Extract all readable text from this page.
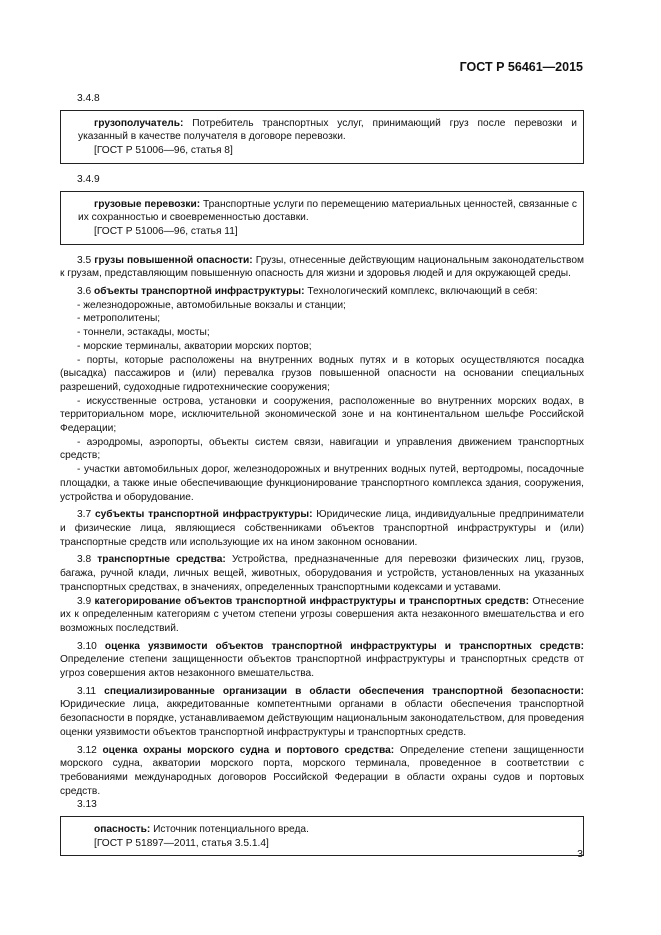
ГОСТ Р 56461—2015

3.4.8

грузополучатель: Потребитель транспортных услуг, принимающий груз после перевозки и указанный в качестве получателя в договоре перевозки.

[ГОСТ Р 51006—96, статья 8]

3.4.9

грузовые перевозки: Транспортные услуги по перемещению материальных ценностей, связанные с их сохранностью и своевременностью доставки.

[ГОСТ Р 51006—96, статья 11]

3.5 грузы повышенной опасности: Грузы, отнесенные действующим национальным законодательством к грузам, представляющим повышенную опасность для жизни и здоровья людей и для окружающей среды.

3.6 объекты транспортной инфраструктуры: Технологический комплекс, включающий в себя:

- железнодорожные, автомобильные вокзалы и станции;

- метрополитены;

- тоннели, эстакады, мосты;

- морские терминалы, акватории морских портов;

- порты, которые расположены на внутренних водных путях и в которых осуществляются посадка (высадка) пассажиров и (или) перевалка грузов повышенной опасности на основании специальных разрешений, судоходные гидротехнические сооружения;

- искусственные острова, установки и сооружения, расположенные во внутренних морских водах, в территориальном море, исключительной экономической зоне и на континентальном шельфе Российской Федерации;

- аэродромы, аэропорты, объекты систем связи, навигации и управления движением транспортных средств;

- участки автомобильных дорог, железнодорожных и внутренних водных путей, вертодромы, посадочные площадки, а также иные обеспечивающие функционирование транспортного комплекса здания, сооружения, устройства и оборудование.

3.7 субъекты транспортной инфраструктуры: Юридические лица, индивидуальные предприниматели и физические лица, являющиеся собственниками объектов транспортной инфраструктуры и (или) транспортные средств или использующие их на ином законном основании.

3.8 транспортные средства: Устройства, предназначенные для перевозки физических лиц, грузов, багажа, ручной клади, личных вещей, животных, оборудования и устройств, установленных на указанных транспортных средствах, в значениях, определенных транспортными кодексами и уставами.

3.9 категорирование объектов транспортной инфраструктуры и транспортных средств: Отнесение их к определенным категориям с учетом степени угрозы совершения акта незаконного вмешательства и его возможных последствий.

3.10 оценка уязвимости объектов транспортной инфраструктуры и транспортных средств: Определение степени защищенности объектов транспортной инфраструктуры и транспортных средств от угроз совершения актов незаконного вмешательства.

3.11 специализированные организации в области обеспечения транспортной безопасности: Юридические лица, аккредитованные компетентными органами в области обеспечения транспортной безопасности в порядке, устанавливаемом действующим национальным законодательством, для проведения оценки уязвимости объектов транспортной инфраструктуры и транспортных средств.

3.12 оценка охраны морского судна и портового средства: Определение степени защищенности морского судна, акватории морского порта, морского терминала, проведенное в соответствии с требованиями международных договоров Российской Федерации в области охраны судов и портовых средств.

3.13

опасность: Источник потенциального вреда.

[ГОСТ Р 51897—2011, статья 3.5.1.4]

3
